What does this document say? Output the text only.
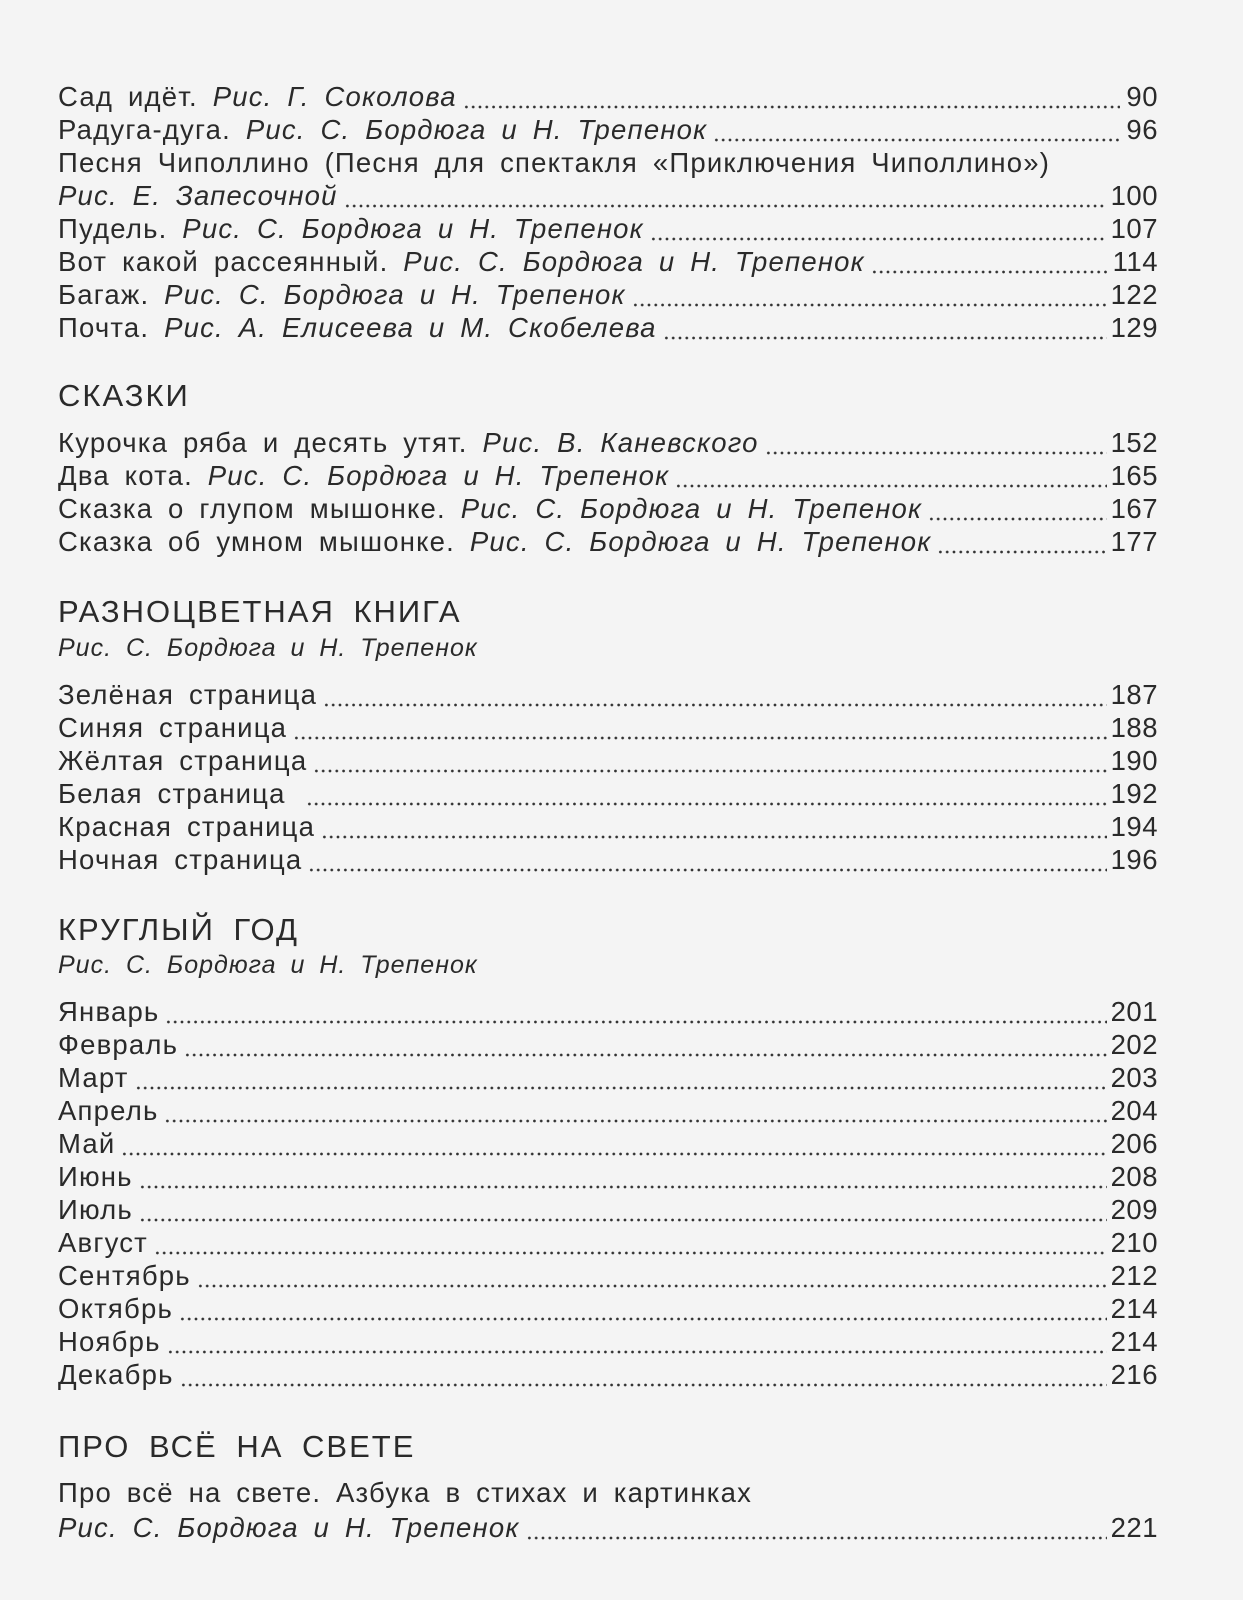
Сад идёт. Рис. Г. Соколова	90
Радуга-дуга. Рис. С. Бордюга и Н. Трепенок	96
Песня Чиполлино (Песня для спектакля «Приключения Чиполлино»)
Рис. Е. Запесочной	100
Пудель. Рис. С. Бордюга и Н. Трепенок	107
Вот какой рассеянный. Рис. С. Бордюга и Н. Трепенок	114
Багаж. Рис. С. Бордюга и Н. Трепенок	122
Почта. Рис. А. Елисеева и М. Скобелева	129
СКАЗКИ
Курочка ряба и десять утят. Рис. В. Каневского	152
Два кота. Рис. С. Бордюга и Н. Трепенок	165
Сказка о глупом мышонке. Рис. С. Бордюга и Н. Трепенок	167
Сказка об умном мышонке. Рис. С. Бордюга и Н. Трепенок	177
РАЗНОЦВЕТНАЯ КНИГА
Рис. С. Бордюга и Н. Трепенок
Зелёная страница	187
Синяя страница	188
Жёлтая страница	190
Белая страница	192
Красная страница	194
Ночная страница	196
КРУГЛЫЙ ГОД
Рис. С. Бордюга и Н. Трепенок
Январь	201
Февраль	202
Март	203
Апрель	204
Май	206
Июнь	208
Июль	209
Август	210
Сентябрь	212
Октябрь	214
Ноябрь	214
Декабрь	216
ПРО ВСЁ НА СВЕТЕ
Про всё на свете. Азбука в стихах и картинках
Рис. С. Бордюга и Н. Трепенок	221
